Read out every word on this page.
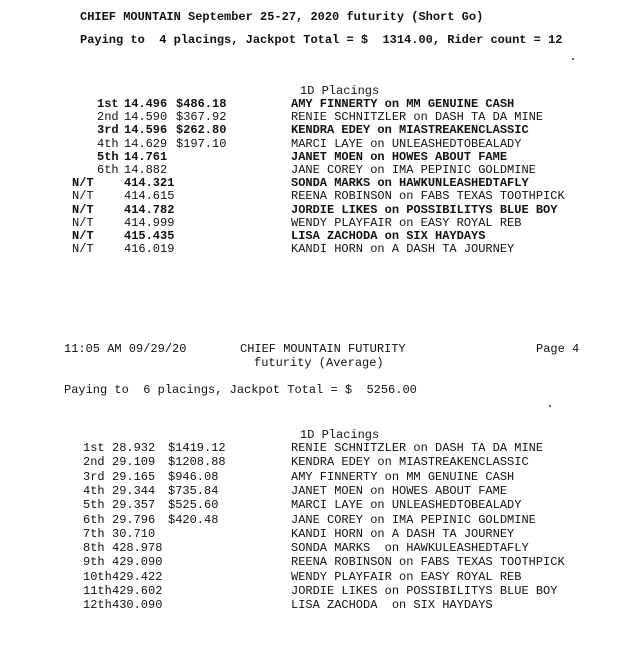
CHIEF MOUNTAIN September 25-27, 2020 futurity (Short Go)
Paying to  4 placings, Jackpot Total = $  1314.00, Rider count = 12
1D Placings
1st 14.496 $486.18	AMY FINNERTY on MM GENUINE CASH
2nd 14.590 $367.92	RENIE SCHNITZLER on DASH TA DA MINE
3rd 14.596 $262.80	KENDRA EDEY on MIASTREAKENCLASSIC
4th 14.629 $197.10	MARCI LAYE on UNLEASHEDTOBEALADY
5th 14.761	JANET MOEN on HOWES ABOUT FAME
6th 14.882	JANE COREY on IMA PEPINIC GOLDMINE
N/T	414.321	SONDA MARKS on HAWKUNLEASHEDTAFLY
N/T	414.615	REENA ROBINSON on FABS TEXAS TOOTHPICK
N/T	414.782	JORDIE LIKES on POSSIBILITYS BLUE BOY
N/T	414.999	WENDY PLAYFAIR on EASY ROYAL REB
N/T	415.435	LISA ZACHODA on SIX HAYDAYS
N/T	416.019	KANDI HORN on A DASH TA JOURNEY
11:05 AM 09/29/20	CHIEF MOUNTAIN FUTURITY	Page 4
futurity (Average)
Paying to  6 placings, Jackpot Total = $  5256.00
1D Placings
1st 28.932 $1419.12	RENIE SCHNITZLER on DASH TA DA MINE
2nd 29.109 $1208.88	KENDRA EDEY on MIASTREAKENCLASSIC
3rd 29.165 $946.08	AMY FINNERTY on MM GENUINE CASH
4th 29.344 $735.84	JANET MOEN on HOWES ABOUT FAME
5th 29.357 $525.60	MARCI LAYE on UNLEASHEDTOBEALADY
6th 29.796 $420.48	JANE COREY on IMA PEPINIC GOLDMINE
7th 30.710	KANDI HORN on A DASH TA JOURNEY
8th 428.978	SONDA MARKS  on HAWKULEASHEDTAFLY
9th 429.090	REENA ROBINSON on FABS TEXAS TOOTHPICK
10th 429.422	WENDY PLAYFAIR on EASY ROYAL REB
11th 429.602	JORDIE LIKES on POSSIBILITYS BLUE BOY
12th 430.090	LISA ZACHODA  on SIX HAYDAYS
